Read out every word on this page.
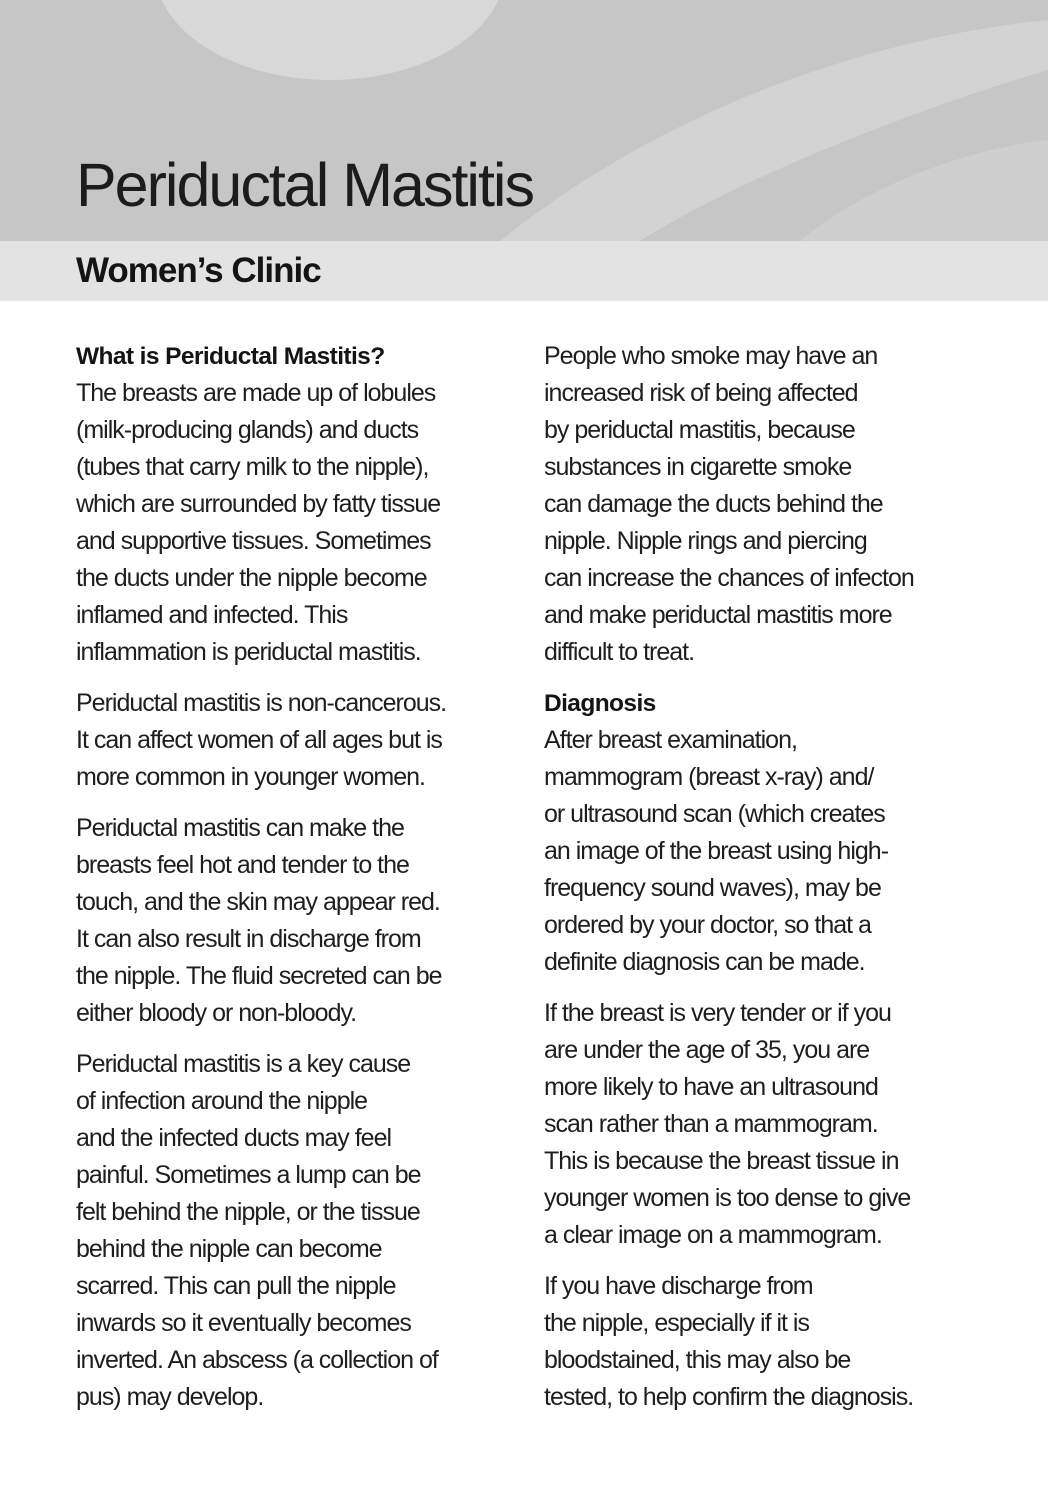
Periductal Mastitis
Women’s Clinic
What is Periductal Mastitis?

The breasts are made up of lobules
(milk-producing glands) and ducts
(tubes that carry milk to the nipple),
which are surrounded by fatty tissue
and supportive tissues. Sometimes
the ducts under the nipple become
inflamed and infected. This
inflammation is periductal mastitis.

Periductal mastitis is non-cancerous.
It can affect women of all ages but is
more common in younger women.

Periductal mastitis can make the
breasts feel hot and tender to the
touch, and the skin may appear red.
It can also result in discharge from
the nipple. The fluid secreted can be
either bloody or non-bloody.

Periductal mastitis is a key cause
of infection around the nipple
and the infected ducts may feel
painful. Sometimes a lump can be
felt behind the nipple, or the tissue
behind the nipple can become
scarred. This can pull the nipple
inwards so it eventually becomes
inverted. An abscess (a collection of
pus) may develop.

People who smoke may have an
increased risk of being affected
by periductal mastitis, because
substances in cigarette smoke
can damage the ducts behind the
nipple. Nipple rings and piercing
can increase the chances of infecton
and make periductal mastitis more
difficult to treat.

Diagnosis

After breast examination,
mammogram (breast x-ray) and/
or ultrasound scan (which creates
an image of the breast using high-
frequency sound waves), may be
ordered by your doctor, so that a
definite diagnosis can be made.

If the breast is very tender or if you
are under the age of 35, you are
more likely to have an ultrasound
scan rather than a mammogram.
This is because the breast tissue in
younger women is too dense to give
a clear image on a mammogram.

If you have discharge from
the nipple, especially if it is
bloodstained, this may also be
tested, to help confirm the diagnosis.
